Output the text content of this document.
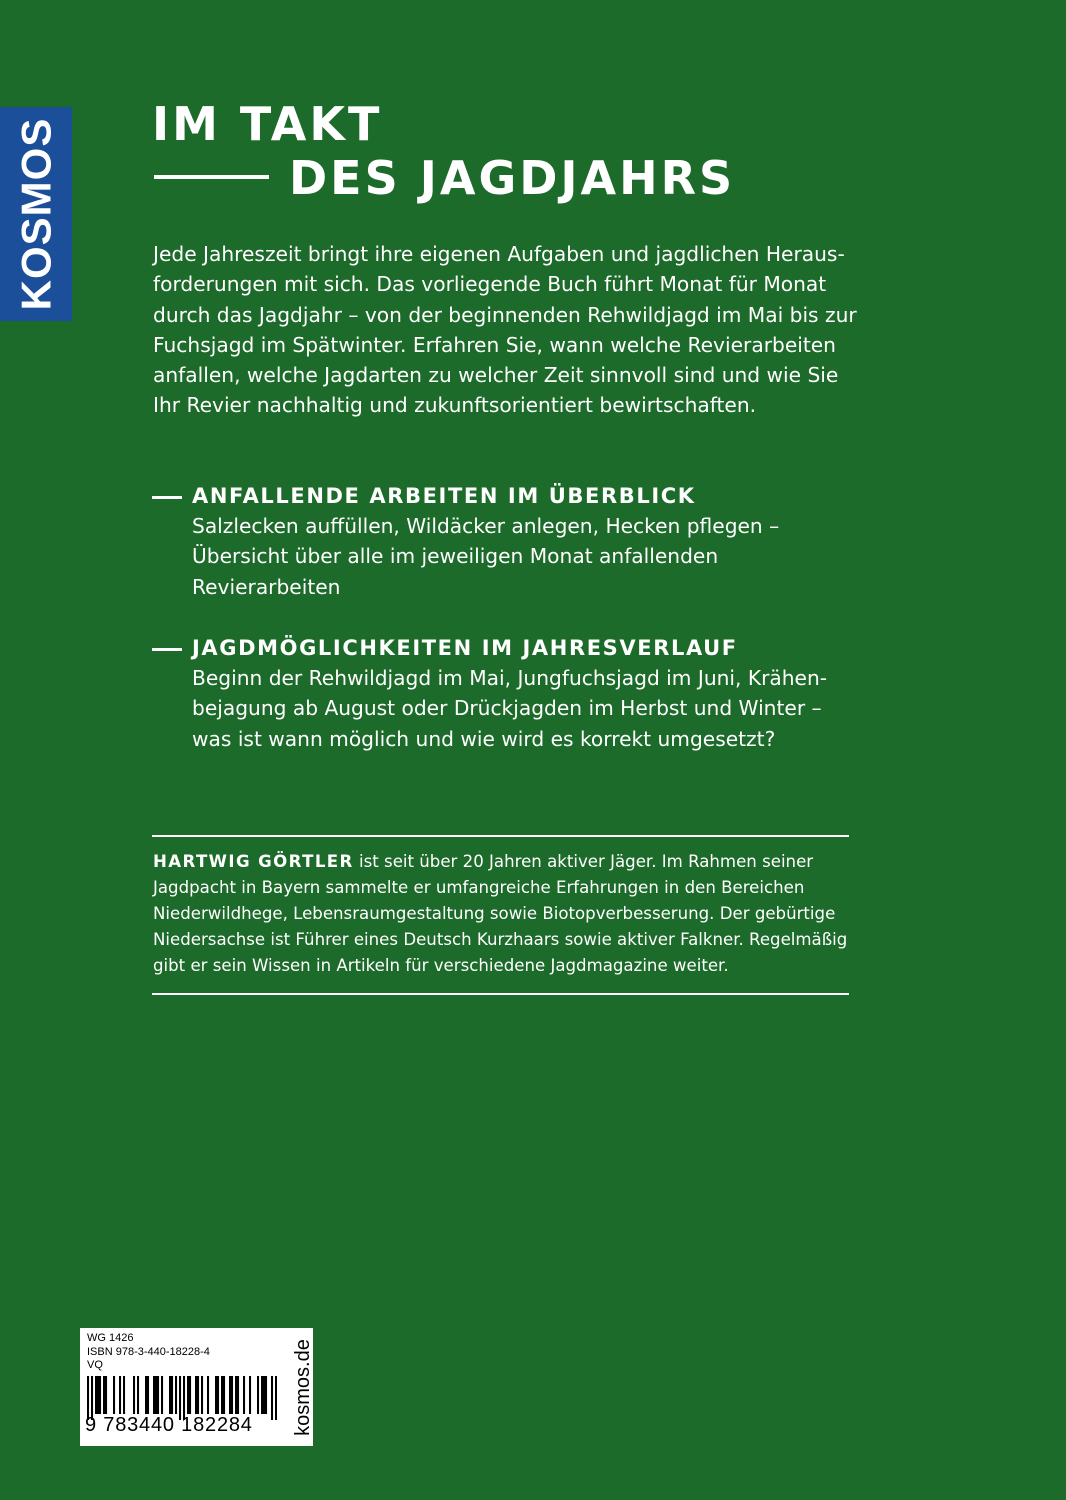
KOSMOS IM TAKT
DES JAGDJAHRS

Jede Jahreszeit bringt ihre eigenen Aufgaben und jagdlichen Herausforderungen mit sich. Das vorliegende Buch führt Monat für Monat durch das Jagdjahr – von der beginnenden Rehwildjagd im Mai bis zur Fuchsjagd im Spätwinter. Erfahren Sie, wann welche Revierarbeiten anfallen, welche Jagdarten zu welcher Zeit sinnvoll sind und wie Sie Ihr Revier nachhaltig und zukunftsorientiert bewirtschaften.

ANFALLENDE ARBEITEN IM ÜBERBLICK

Salzlecken auffüllen, Wildäcker anlegen, Hecken pflegen – Übersicht über alle im jeweiligen Monat anfallenden Revierarbeiten

JAGDMÖGLICHKEITEN IM JAHRESVERLAUF

Beginn der Rehwildjagd im Mai, Jungfuchsjagd im Juni, Krähenbejagung ab August oder Drückjagden im Herbst und Winter – was ist wann möglich und wie wird es korrekt umgesetzt?

HARTWIG GÖRTLER ist seit über 20 Jahren aktiver Jäger. Im Rahmen seiner Jagdpacht in Bayern sammelte er umfangreiche Erfahrungen in den Bereichen Niederwildhege, Lebensraumgestaltung sowie Biotopverbesserung. Der gebürtige Niedersachse ist Führer eines Deutsch Kurzhaars sowie aktiver Falkner. Regelmäßig gibt er sein Wissen in Artikeln für verschiedene Jagdmagazine weiter.

WG 1426
ISBN 978-3-440-18228-4
VQ
9 783440 182284 kosmos.de
